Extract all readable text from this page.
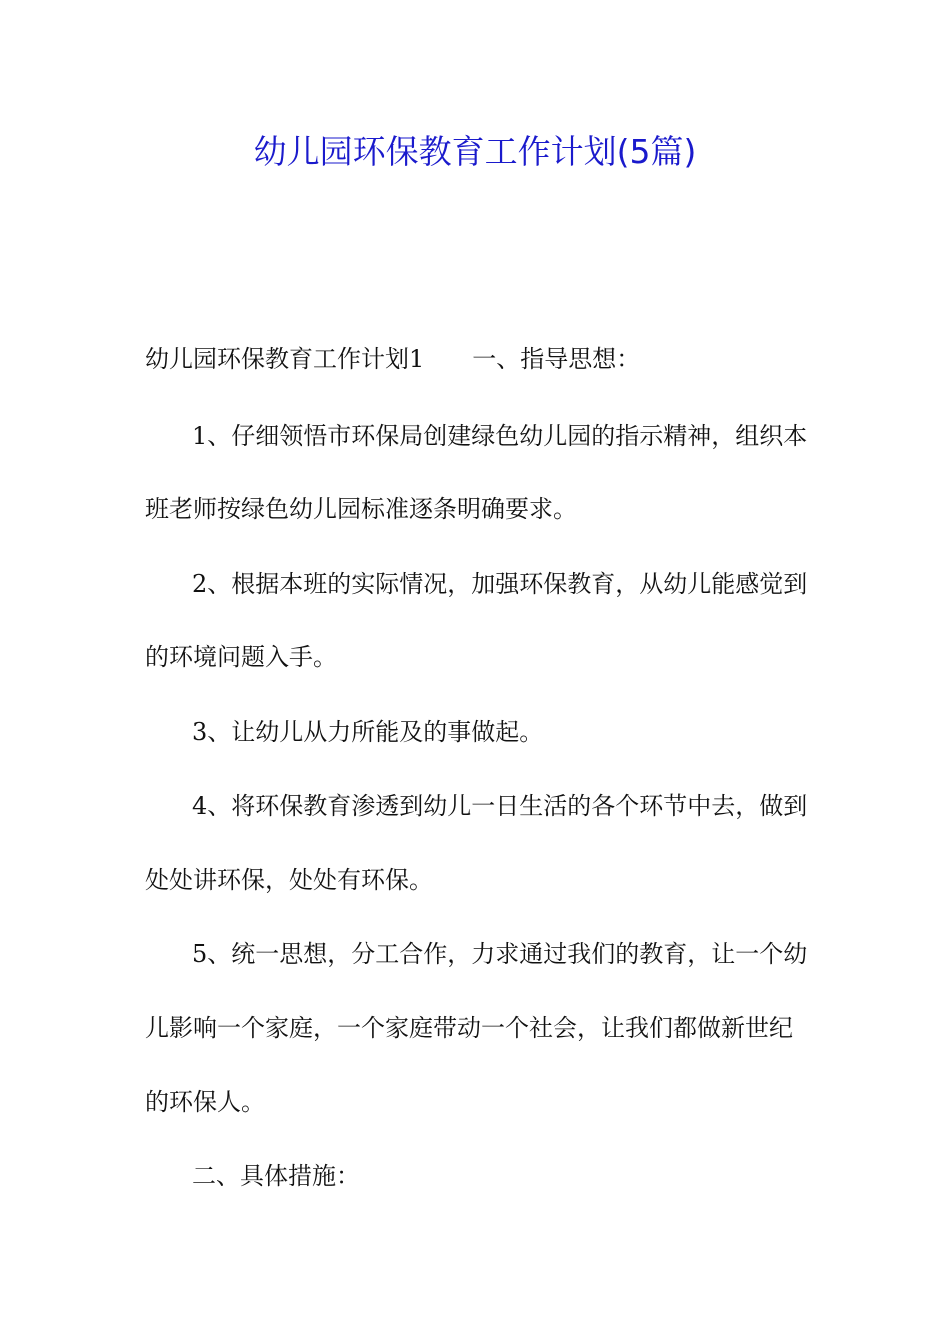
幼儿园环保教育工作计划(5篇)
幼儿园环保教育工作计划1 一、指导思想：
1、仔细领悟市环保局创建绿色幼儿园的指示精神，组织本
班老师按绿色幼儿园标准逐条明确要求。
2、根据本班的实际情况，加强环保教育，从幼儿能感觉到
的环境问题入手。
3、让幼儿从力所能及的事做起。
4、将环保教育渗透到幼儿一日生活的各个环节中去，做到
处处讲环保，处处有环保。
5、统一思想，分工合作，力求通过我们的教育，让一个幼
儿影响一个家庭，一个家庭带动一个社会，让我们都做新世纪
的环保人。
二、具体措施：
